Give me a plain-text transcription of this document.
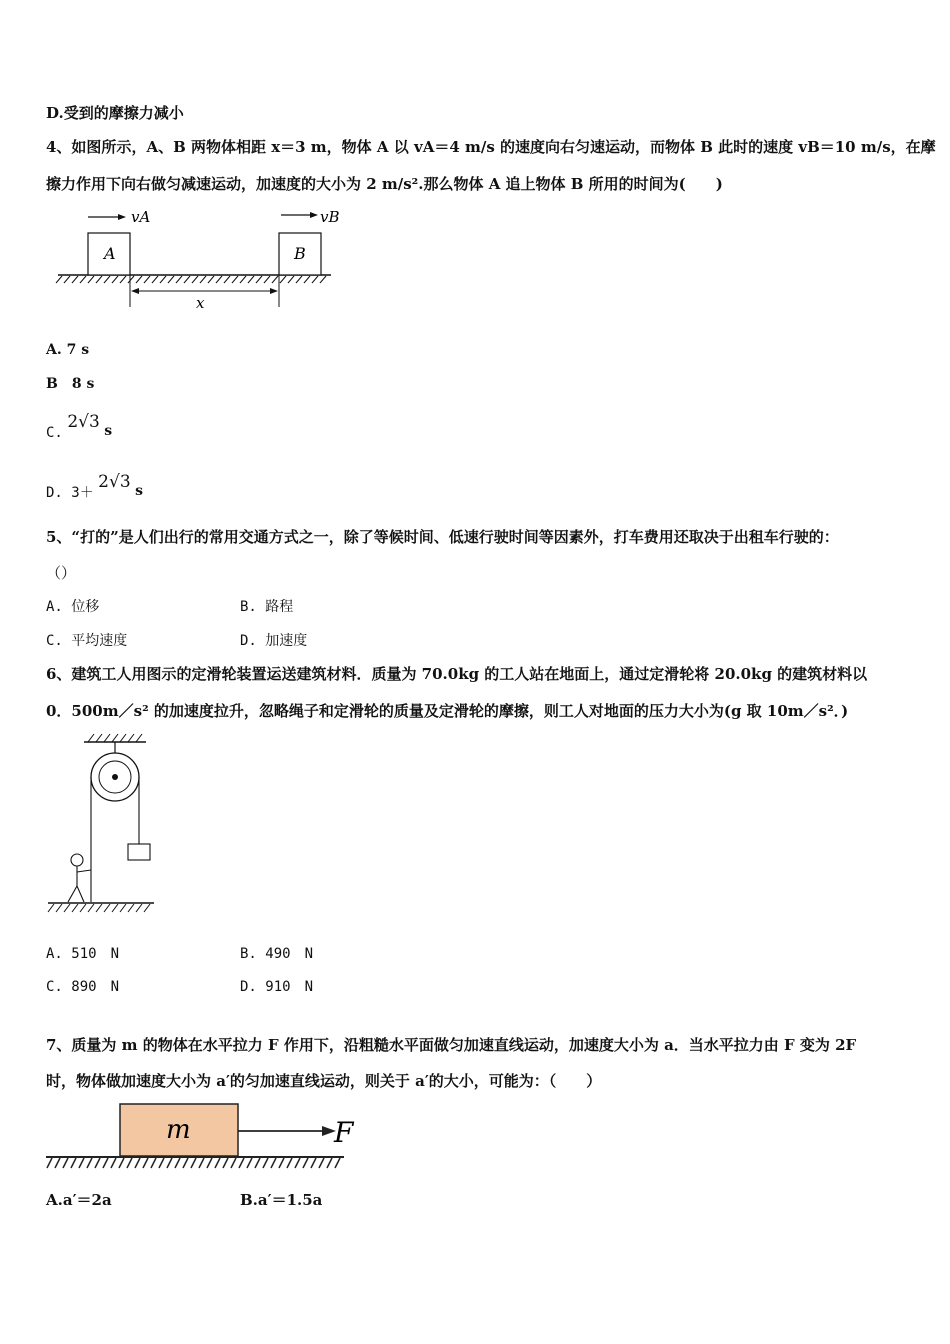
D.受到的摩擦力减小
4、如图所示，A、B 两物体相距 x＝3 m，物体 A 以 vA＝4 m/s 的速度向右匀速运动，而物体 B 此时的速度 vB＝10 m/s，在摩
擦力作用下向右做匀减速运动，加速度的大小为 2 m/s².那么物体 A 追上物体 B 所用的时间为(　　)
A	B
vA	vB
x
A. 7 s
B　8 s
C. 2√3 s
D. 3＋ 2√3 s
5、“打的”是人们出行的常用交通方式之一，除了等候时间、低速行驶时间等因素外，打车费用还取决于出租车行驶的：
（）
A. 位移	B. 路程
C. 平均速度	D. 加速度
6、建筑工人用图示的定滑轮装置运送建筑材料．质量为 70.0kg 的工人站在地面上，通过定滑轮将 20.0kg 的建筑材料以
0．500m／s² 的加速度拉升，忽略绳子和定滑轮的质量及定滑轮的摩擦，则工人对地面的压力大小为(g 取 10m／s²．)
A. 510　N	B. 490　N
C. 890　N	D. 910　N
7、质量为 m 的物体在水平拉力 F 作用下，沿粗糙水平面做匀加速直线运动，加速度大小为 a．当水平拉力由 F 变为 2F
时，物体做加速度大小为 a′的匀加速直线运动，则关于 a′的大小，可能为：（　　）
m	F
A.a′＝2a	B.a′＝1.5a
